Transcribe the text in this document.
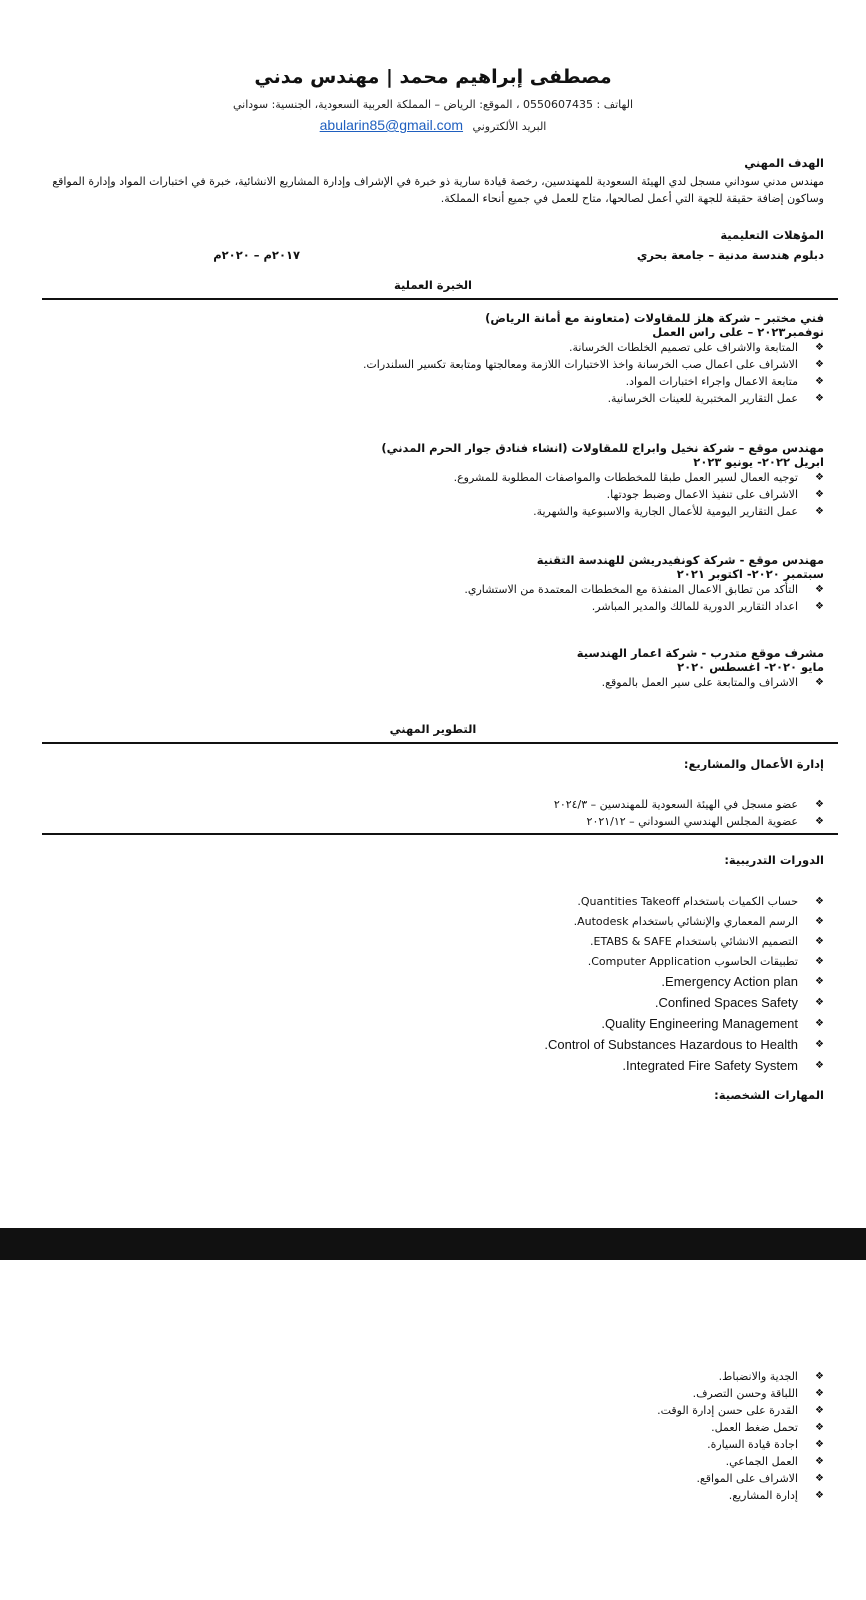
مصطفى إبراهيم محمد | مهندس مدني
الهاتف : 0550607435 ، الموقع: الرياض – المملكة العربية السعودية، الجنسية: سوداني
البريد الألكتروني abularin85@gmail.com
الهدف المهني
مهندس مدني سوداني مسجل لدي الهيئة السعودية للمهندسين، رخصة قيادة سارية ذو خبرة في الإشراف وإدارة المشاريع الانشائية، خبرة في اختبارات المواد وإدارة المواقع وساكون إضافة حقيقة للجهة التي أعمل لصالحها، متاح للعمل في جميع أنحاء المملكة.
المؤهلات التعليمية
دبلوم هندسة مدنية – جامعة بحري
٢٠١٧م – ٢٠٢٠م
الخبرة العملية
فني مختبر – شركة هلز للمقاولات (متعاونة مع أمانة الرياض)
نوفمبر٢٠٢٣ – على راس العمل
❖
المتابعة والاشراف على تصميم الخلطات الخرسانة.
❖
الاشراف على اعمال صب الخرسانة واخذ الاختبارات اللازمة ومعالجتها ومتابعة تكسير السلندرات.
❖
متابعة الاعمال واجراء اختبارات المواد.
❖
عمل التقارير المختبرية للعينات الخرسانية.
مهندس موقع – شركة نخيل وابراج للمقاولات (انشاء فنادق جوار الحرم المدني)
ابريل ٢٠٢٢- يونيو ٢٠٢٣
❖
توجيه العمال لسير العمل طبقا للمخططات والمواصفات المطلوبة للمشروع.
❖
الاشراف على تنفيذ الاعمال وضبط جودتها.
❖
عمل التقارير اليومية للأعمال الجارية والاسبوعية والشهرية.
مهندس موقع - شركة كونفيدريشن للهندسة التقنية
سبتمبر ٢٠٢٠- اكتوبر ٢٠٢١
❖
التأكد من تطابق الاعمال المنفذة مع المخططات المعتمدة من الاستشاري.
❖
اعداد التقارير الدورية للمالك والمدير المباشر.
مشرف موقع متدرب - شركة اعمار الهندسية
مايو ٢٠٢٠- اغسطس ٢٠٢٠
❖
الاشراف والمتابعة على سير العمل بالموقع.
التطوير المهني
إدارة الأعمال والمشاريع:
❖
عضو مسجل في الهيئة السعودية للمهندسين – ٢٠٢٤/٣
❖
عضوية المجلس الهندسي السوداني – ٢٠٢١/١٢
الدورات التدريبية:
❖
حساب الكميات باستخدام Quantities Takeoff.
❖
الرسم المعماري والإنشائي باستخدام Autodesk.
❖
التصميم الانشائي باستخدام ETABS & SAFE.
❖
تطبيقات الحاسوب Computer Application.
❖
Emergency Action plan.
❖
Confined Spaces Safety.
❖
Quality Engineering Management.
❖
Control of Substances Hazardous to Health.
❖
Integrated Fire Safety System.
المهارات الشخصية:
❖
الجدية والانضباط.
❖
اللباقة وحسن التصرف.
❖
القدرة على حسن إدارة الوقت.
❖
تحمل ضغط العمل.
❖
اجادة قيادة السيارة.
❖
العمل الجماعي.
❖
الاشراف على المواقع.
❖
إدارة المشاريع.
